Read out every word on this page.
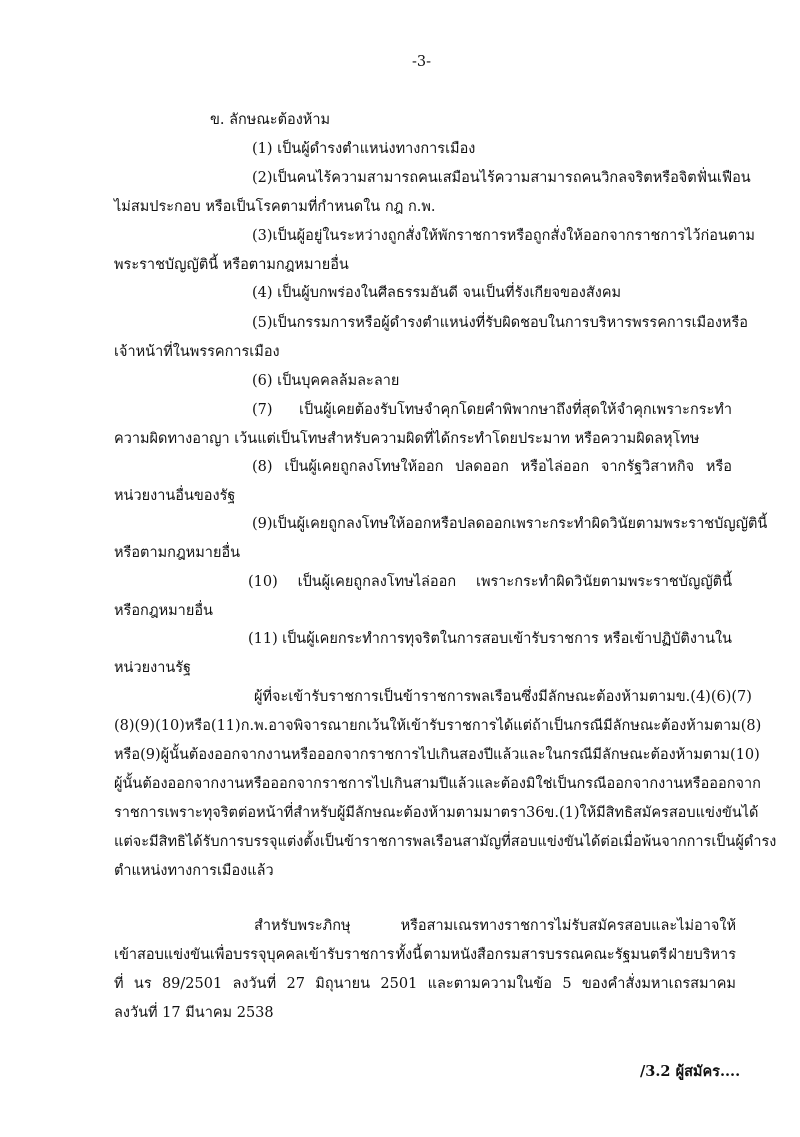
-3-
ข. ลักษณะต้องห้าม
(1) เป็นผู้ดำรงตำแหน่งทางการเมือง
(2) เป็นคนไร้ความสามารถ คนเสมือนไร้ความสามารถ คนวิกลจริตหรือจิตฟั่นเฟือน
ไม่สมประกอบ หรือเป็นโรคตามที่กำหนดใน กฎ ก.พ.
(3) เป็นผู้อยู่ในระหว่างถูกสั่งให้พักราชการ หรือถูกสั่งให้ออกจากราชการไว้ก่อนตาม
พระราชบัญญัตินี้ หรือตามกฎหมายอื่น
(4) เป็นผู้บกพร่องในศีลธรรมอันดี จนเป็นที่รังเกียจของสังคม
(5) เป็นกรรมการหรือผู้ดำรงตำแหน่งที่รับผิดชอบในการบริหารพรรคการเมือง หรือ
เจ้าหน้าที่ในพรรคการเมือง
(6) เป็นบุคคลล้มละลาย
(7) เป็นผู้เคยต้องรับโทษจำคุกโดยคำพิพากษาถึงที่สุดให้จำคุกเพราะกระทำ
ความผิดทางอาญา เว้นแต่เป็นโทษสำหรับความผิดที่ได้กระทำโดยประมาท หรือความผิดลหุโทษ
(8) เป็นผู้เคยถูกลงโทษให้ออก ปลดออก หรือไล่ออก จากรัฐวิสาหกิจ หรือ
หน่วยงานอื่นของรัฐ
(9) เป็นผู้เคยถูกลงโทษให้ออกหรือปลดออก เพราะกระทำผิดวินัยตามพระราชบัญญัตินี้
หรือตามกฎหมายอื่น
(10) เป็นผู้เคยถูกลงโทษไล่ออก เพราะกระทำผิดวินัยตามพระราชบัญญัตินี้
หรือกฎหมายอื่น
(11) เป็นผู้เคยกระทำการทุจริตในการสอบเข้ารับราชการ หรือเข้าปฏิบัติงานใน
หน่วยงานรัฐ
ผู้ที่จะเข้ารับราชการเป็นข้าราชการพลเรือนซึ่งมีลักษณะต้องห้ามตาม ข.(4) (6) (7)
(8) (9) (10) หรือ (11) ก.พ.อาจพิจารณายกเว้นให้เข้ารับราชการได้ แต่ถ้าเป็นกรณีมีลักษณะต้องห้ามตาม (8)
หรือ (9) ผู้นั้นต้องออกจากงานหรือออกจากราชการไปเกินสองปีแล้ว และในกรณีมีลักษณะต้องห้ามตาม (10)
ผู้นั้นต้องออกจากงานหรือออกจากราชการไปเกินสามปีแล้ว และต้องมิใช่เป็นกรณีออกจากงานหรือออกจาก
ราชการเพราะทุจริตต่อหน้าที่ สำหรับผู้มีลักษณะต้องห้ามตามมาตรา 36 ข.(1) ให้มีสิทธิสมัครสอบแข่งขันได้
แต่จะมีสิทธิได้รับการบรรจุแต่งตั้งเป็นข้าราชการพลเรือนสามัญที่สอบแข่งขันได้ต่อเมื่อพ้นจากการเป็นผู้ดำรง
ตำแหน่งทางการเมืองแล้ว
สำหรับพระภิกษุ	หรือสามเณรทางราชการไม่รับสมัครสอบและไม่อาจให้
เข้าสอบแข่งขันเพื่อบรรจุบุคคลเข้ารับราชการ ทั้งนี้ ตามหนังสือกรมสารบรรณคณะรัฐมนตรี ฝ่ายบริหาร
ที่ นร 89/2501 ลงวันที่ 27 มิถุนายน 2501 และตามความในข้อ 5 ของคำสั่งมหาเถรสมาคม
ลงวันที่ 17 มีนาคม 2538
/3.2 ผู้สมัคร....
